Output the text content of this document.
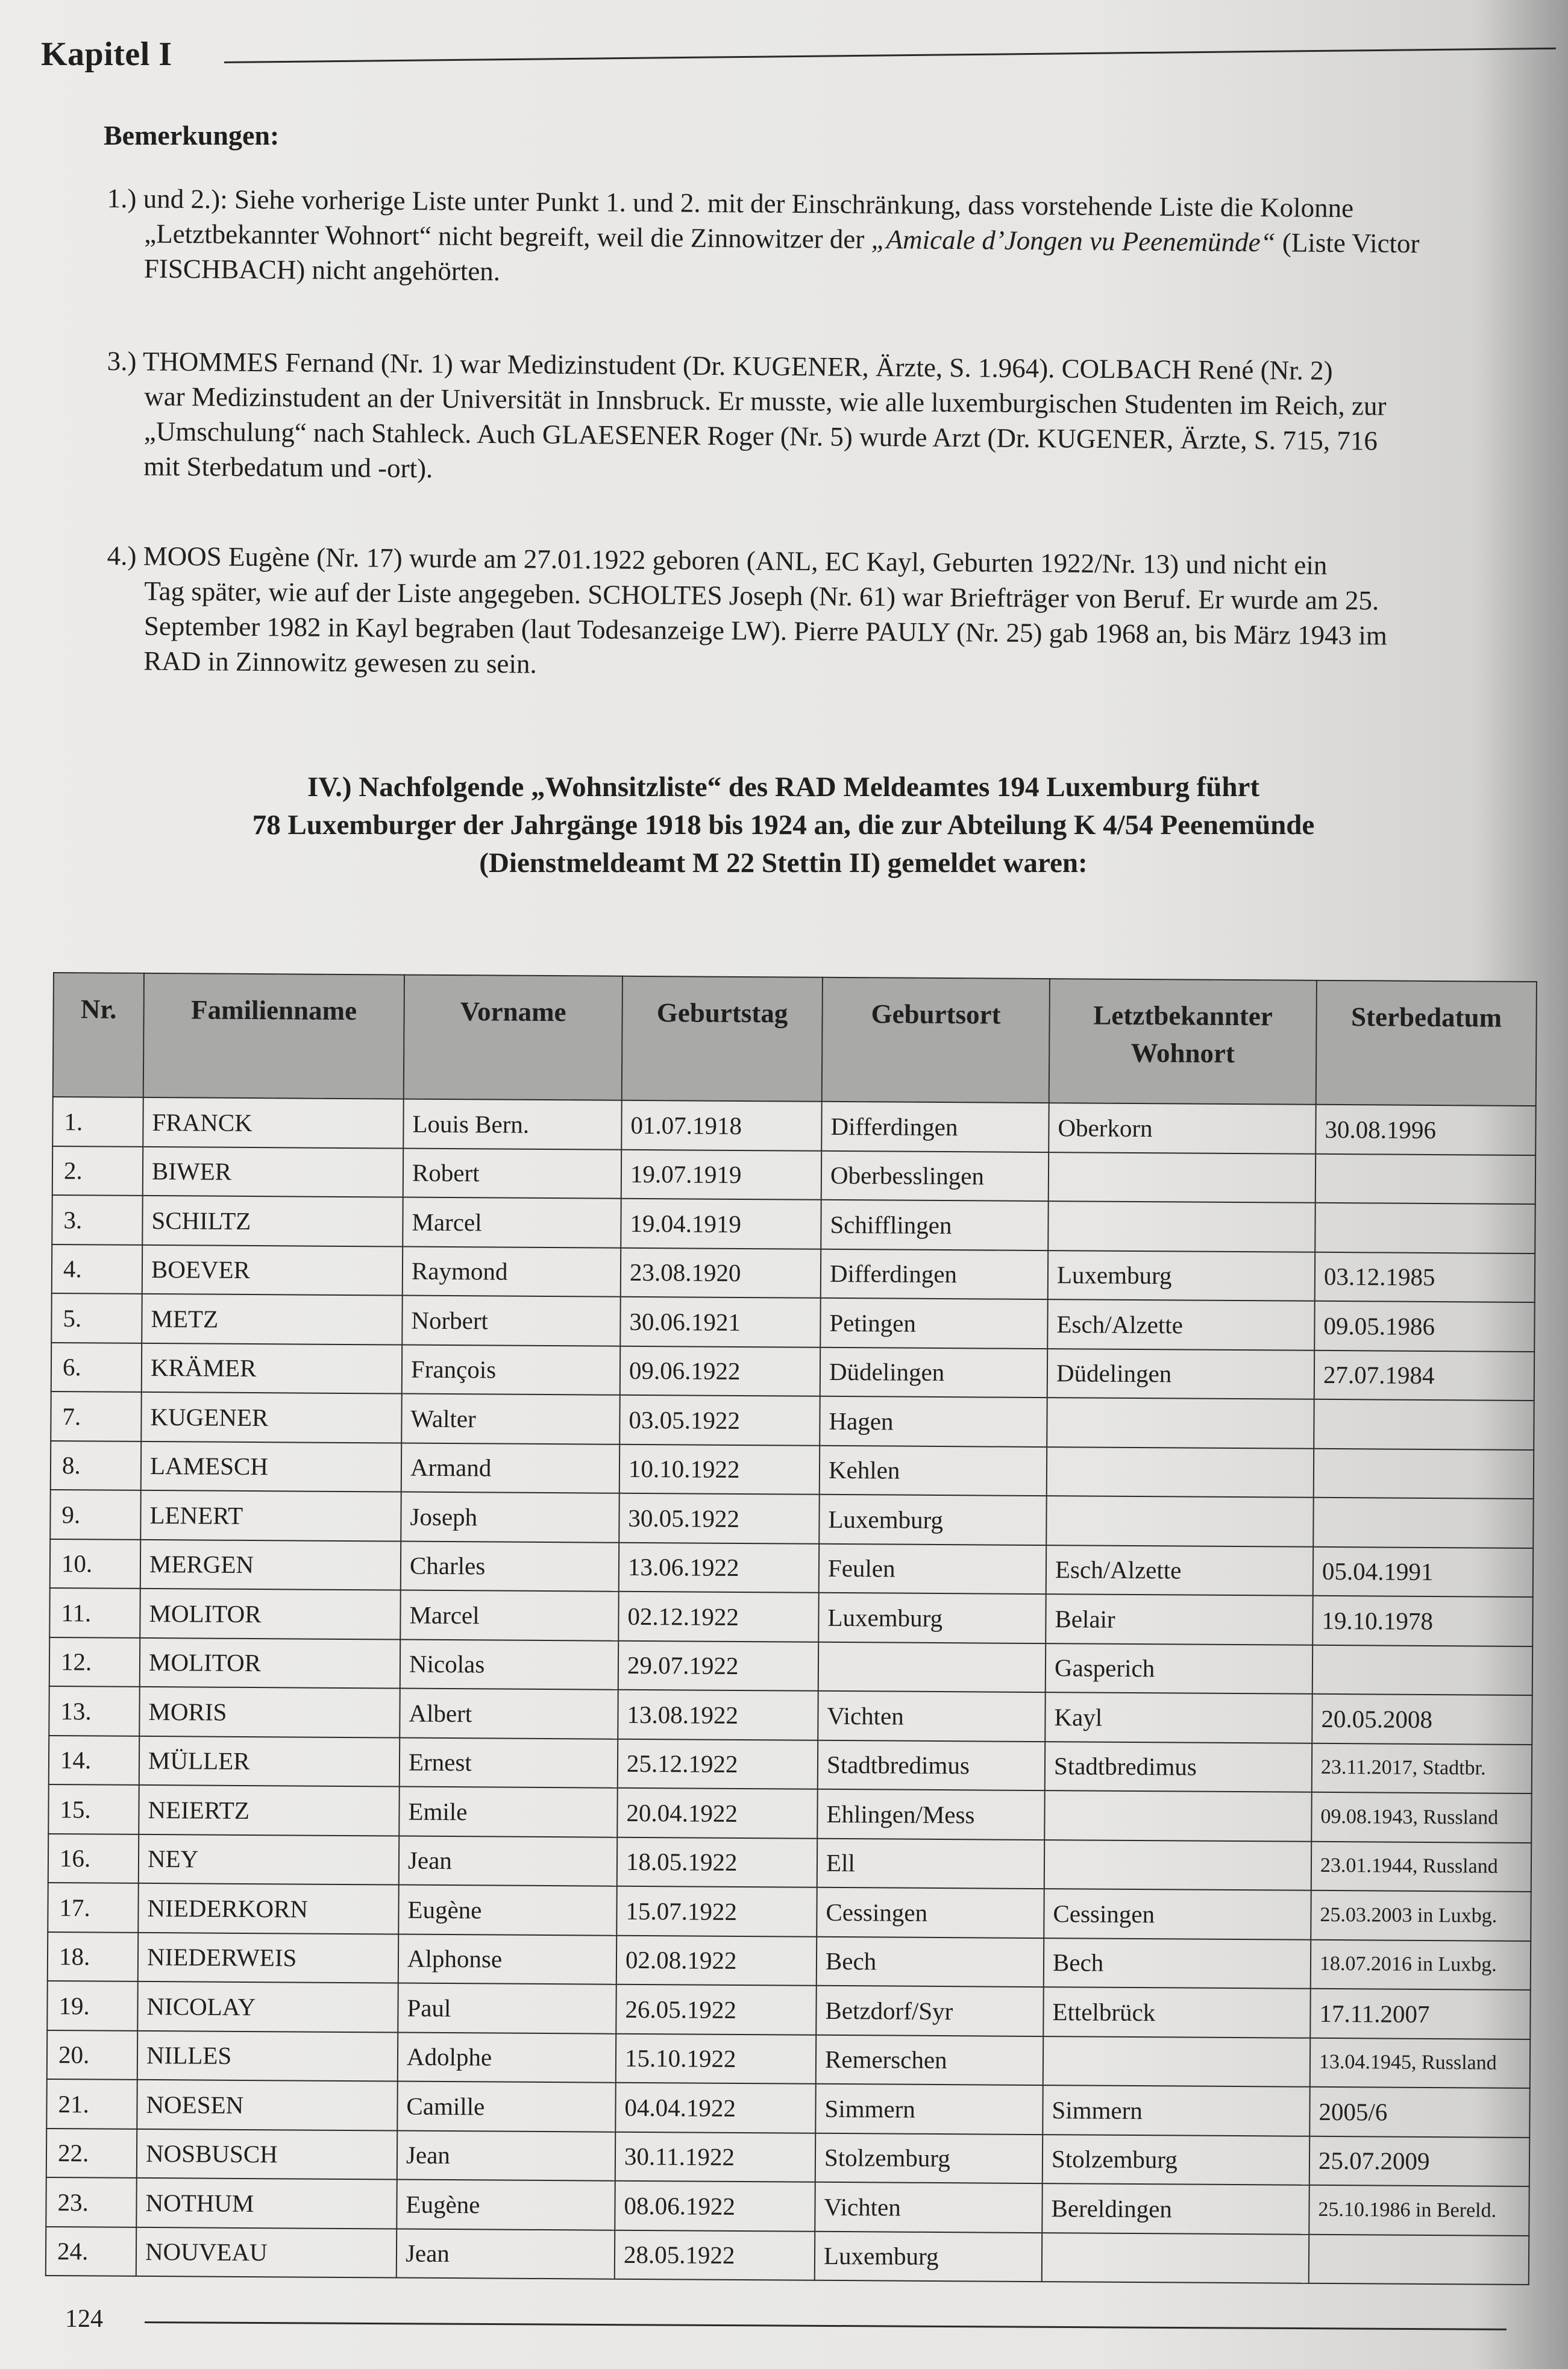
Kapitel I
Bemerkungen:
1.) und 2.): Siehe vorherige Liste unter Punkt 1. und 2. mit der Einschränkung, dass vorstehende Liste die Kolonne
„Letztbekannter Wohnort“ nicht begreift, weil die Zinnowitzer der „Amicale d’Jongen vu Peenemünde“ (Liste Victor
FISCHBACH) nicht angehörten.
3.) THOMMES Fernand (Nr. 1) war Medizinstudent (Dr. KUGENER, Ärzte, S. 1.964). COLBACH René (Nr. 2)
war Medizinstudent an der Universität in Innsbruck. Er musste, wie alle luxemburgischen Studenten im Reich, zur
„Umschulung“ nach Stahleck. Auch GLAESENER Roger (Nr. 5) wurde Arzt (Dr. KUGENER, Ärzte, S. 715, 716
mit Sterbedatum und -ort).
4.) MOOS Eugène (Nr. 17) wurde am 27.01.1922 geboren (ANL, EC Kayl, Geburten 1922/Nr. 13) und nicht ein
Tag später, wie auf der Liste angegeben. SCHOLTES Joseph (Nr. 61) war Briefträger von Beruf. Er wurde am 25.
September 1982 in Kayl begraben (laut Todesanzeige LW). Pierre PAULY (Nr. 25) gab 1968 an, bis März 1943 im
RAD in Zinnowitz gewesen zu sein.
IV.) Nachfolgende „Wohnsitzliste“ des RAD Meldeamtes 194 Luxemburg führt
78 Luxemburger der Jahrgänge 1918 bis 1924 an, die zur Abteilung K 4/54 Peenemünde
(Dienstmeldeamt M 22 Stettin II) gemeldet waren:
Nr.	Familienname	Vorname	Geburtstag	Geburtsort	Letztbekannter
Wohnort	Sterbedatum
1.	FRANCK	Louis Bern.	01.07.1918	Differdingen	Oberkorn	30.08.1996
2.	BIWER	Robert	19.07.1919	Oberbesslingen		
3.	SCHILTZ	Marcel	19.04.1919	Schifflingen		
4.	BOEVER	Raymond	23.08.1920	Differdingen	Luxemburg	03.12.1985
5.	METZ	Norbert	30.06.1921	Petingen	Esch/Alzette	09.05.1986
6.	KRÄMER	François	09.06.1922	Düdelingen	Düdelingen	27.07.1984
7.	KUGENER	Walter	03.05.1922	Hagen		
8.	LAMESCH	Armand	10.10.1922	Kehlen		
9.	LENERT	Joseph	30.05.1922	Luxemburg		
10.	MERGEN	Charles	13.06.1922	Feulen	Esch/Alzette	05.04.1991
11.	MOLITOR	Marcel	02.12.1922	Luxemburg	Belair	19.10.1978
12.	MOLITOR	Nicolas	29.07.1922		Gasperich	
13.	MORIS	Albert	13.08.1922	Vichten	Kayl	20.05.2008
14.	MÜLLER	Ernest	25.12.1922	Stadtbredimus	Stadtbredimus	23.11.2017, Stadtbr.
15.	NEIERTZ	Emile	20.04.1922	Ehlingen/Mess		09.08.1943, Russland
16.	NEY	Jean	18.05.1922	Ell		23.01.1944, Russland
17.	NIEDERKORN	Eugène	15.07.1922	Cessingen	Cessingen	25.03.2003 in Luxbg.
18.	NIEDERWEIS	Alphonse	02.08.1922	Bech	Bech	18.07.2016 in Luxbg.
19.	NICOLAY	Paul	26.05.1922	Betzdorf/Syr	Ettelbrück	17.11.2007
20.	NILLES	Adolphe	15.10.1922	Remerschen		13.04.1945, Russland
21.	NOESEN	Camille	04.04.1922	Simmern	Simmern	2005/6
22.	NOSBUSCH	Jean	30.11.1922	Stolzemburg	Stolzemburg	25.07.2009
23.	NOTHUM	Eugène	08.06.1922	Vichten	Bereldingen	25.10.1986 in Bereld.
24.	NOUVEAU	Jean	28.05.1922	Luxemburg		
124
